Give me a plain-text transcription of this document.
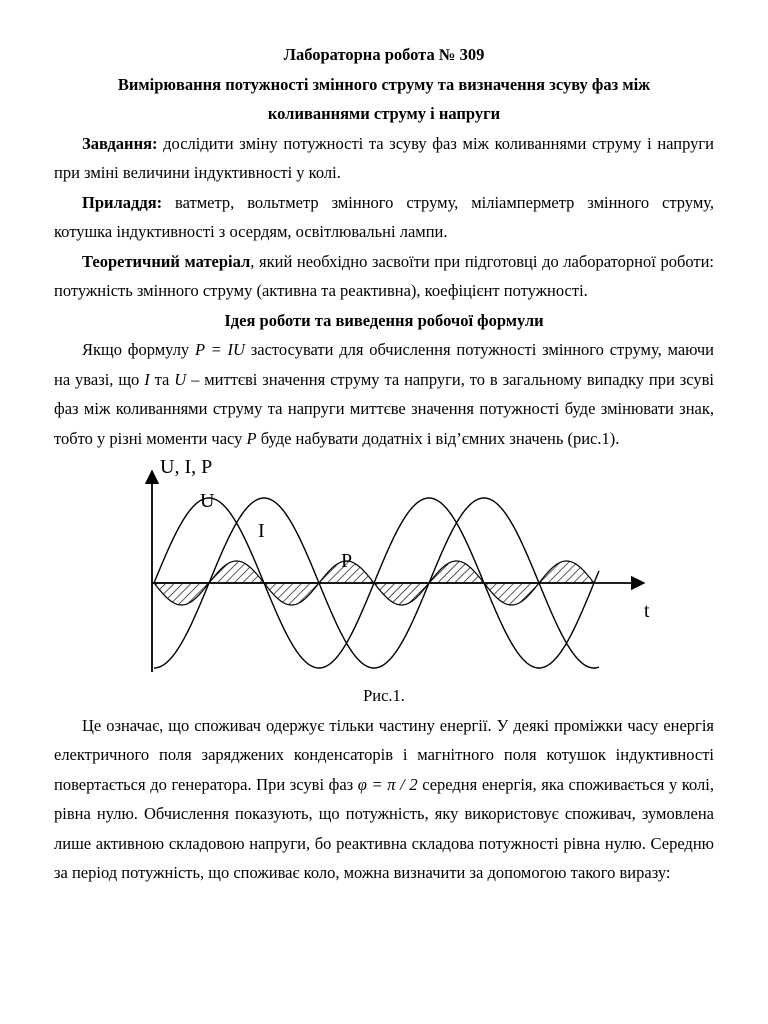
Лабораторна робота № 309
Вимірювання потужності змінного струму та визначення зсуву фаз між
коливаннями струму і напруги

Завдання: дослідити зміну потужності та зсуву фаз між коливаннями струму і напруги при зміні величини індуктивності у колі.

Приладдя: ватметр, вольтметр змінного струму, міліамперметр змінного струму, котушка індуктивності з осердям, освітлювальні лампи.

Теоретичний матеріал, який необхідно засвоїти при підготовці до лабораторної роботи: потужність змінного струму (активна та реактивна), коефіцієнт потужності.

Ідея роботи та виведення робочої формули

Якщо формулу P = IU застосувати для обчислення потужності змінного струму, маючи на увазі, що I та U – миттєві значення струму та напруги, то в загальному випадку при зсуві фаз між коливаннями струму та напруги миттєве значення потужності буде змінювати знак, тобто у різні моменти часу P буде набувати додатніх і від’ємних значень (рис.1).

U, I, P
t
U
I
P
Рис.1.

Це означає, що споживач одержує тільки частину енергії. У деякі проміжки часу енергія електричного поля заряджених конденсаторів і магнітного поля котушок індуктивності повертається до генератора. При зсуві фаз φ = π / 2 середня енергія, яка споживається у колі, рівна нулю. Обчислення показують, що потужність, яку використовує споживач, зумовлена лише активною складовою напруги, бо реактивна складова потужності рівна нулю. Середню за період потужність, що споживає коло, можна визначити за допомогою такого виразу:
